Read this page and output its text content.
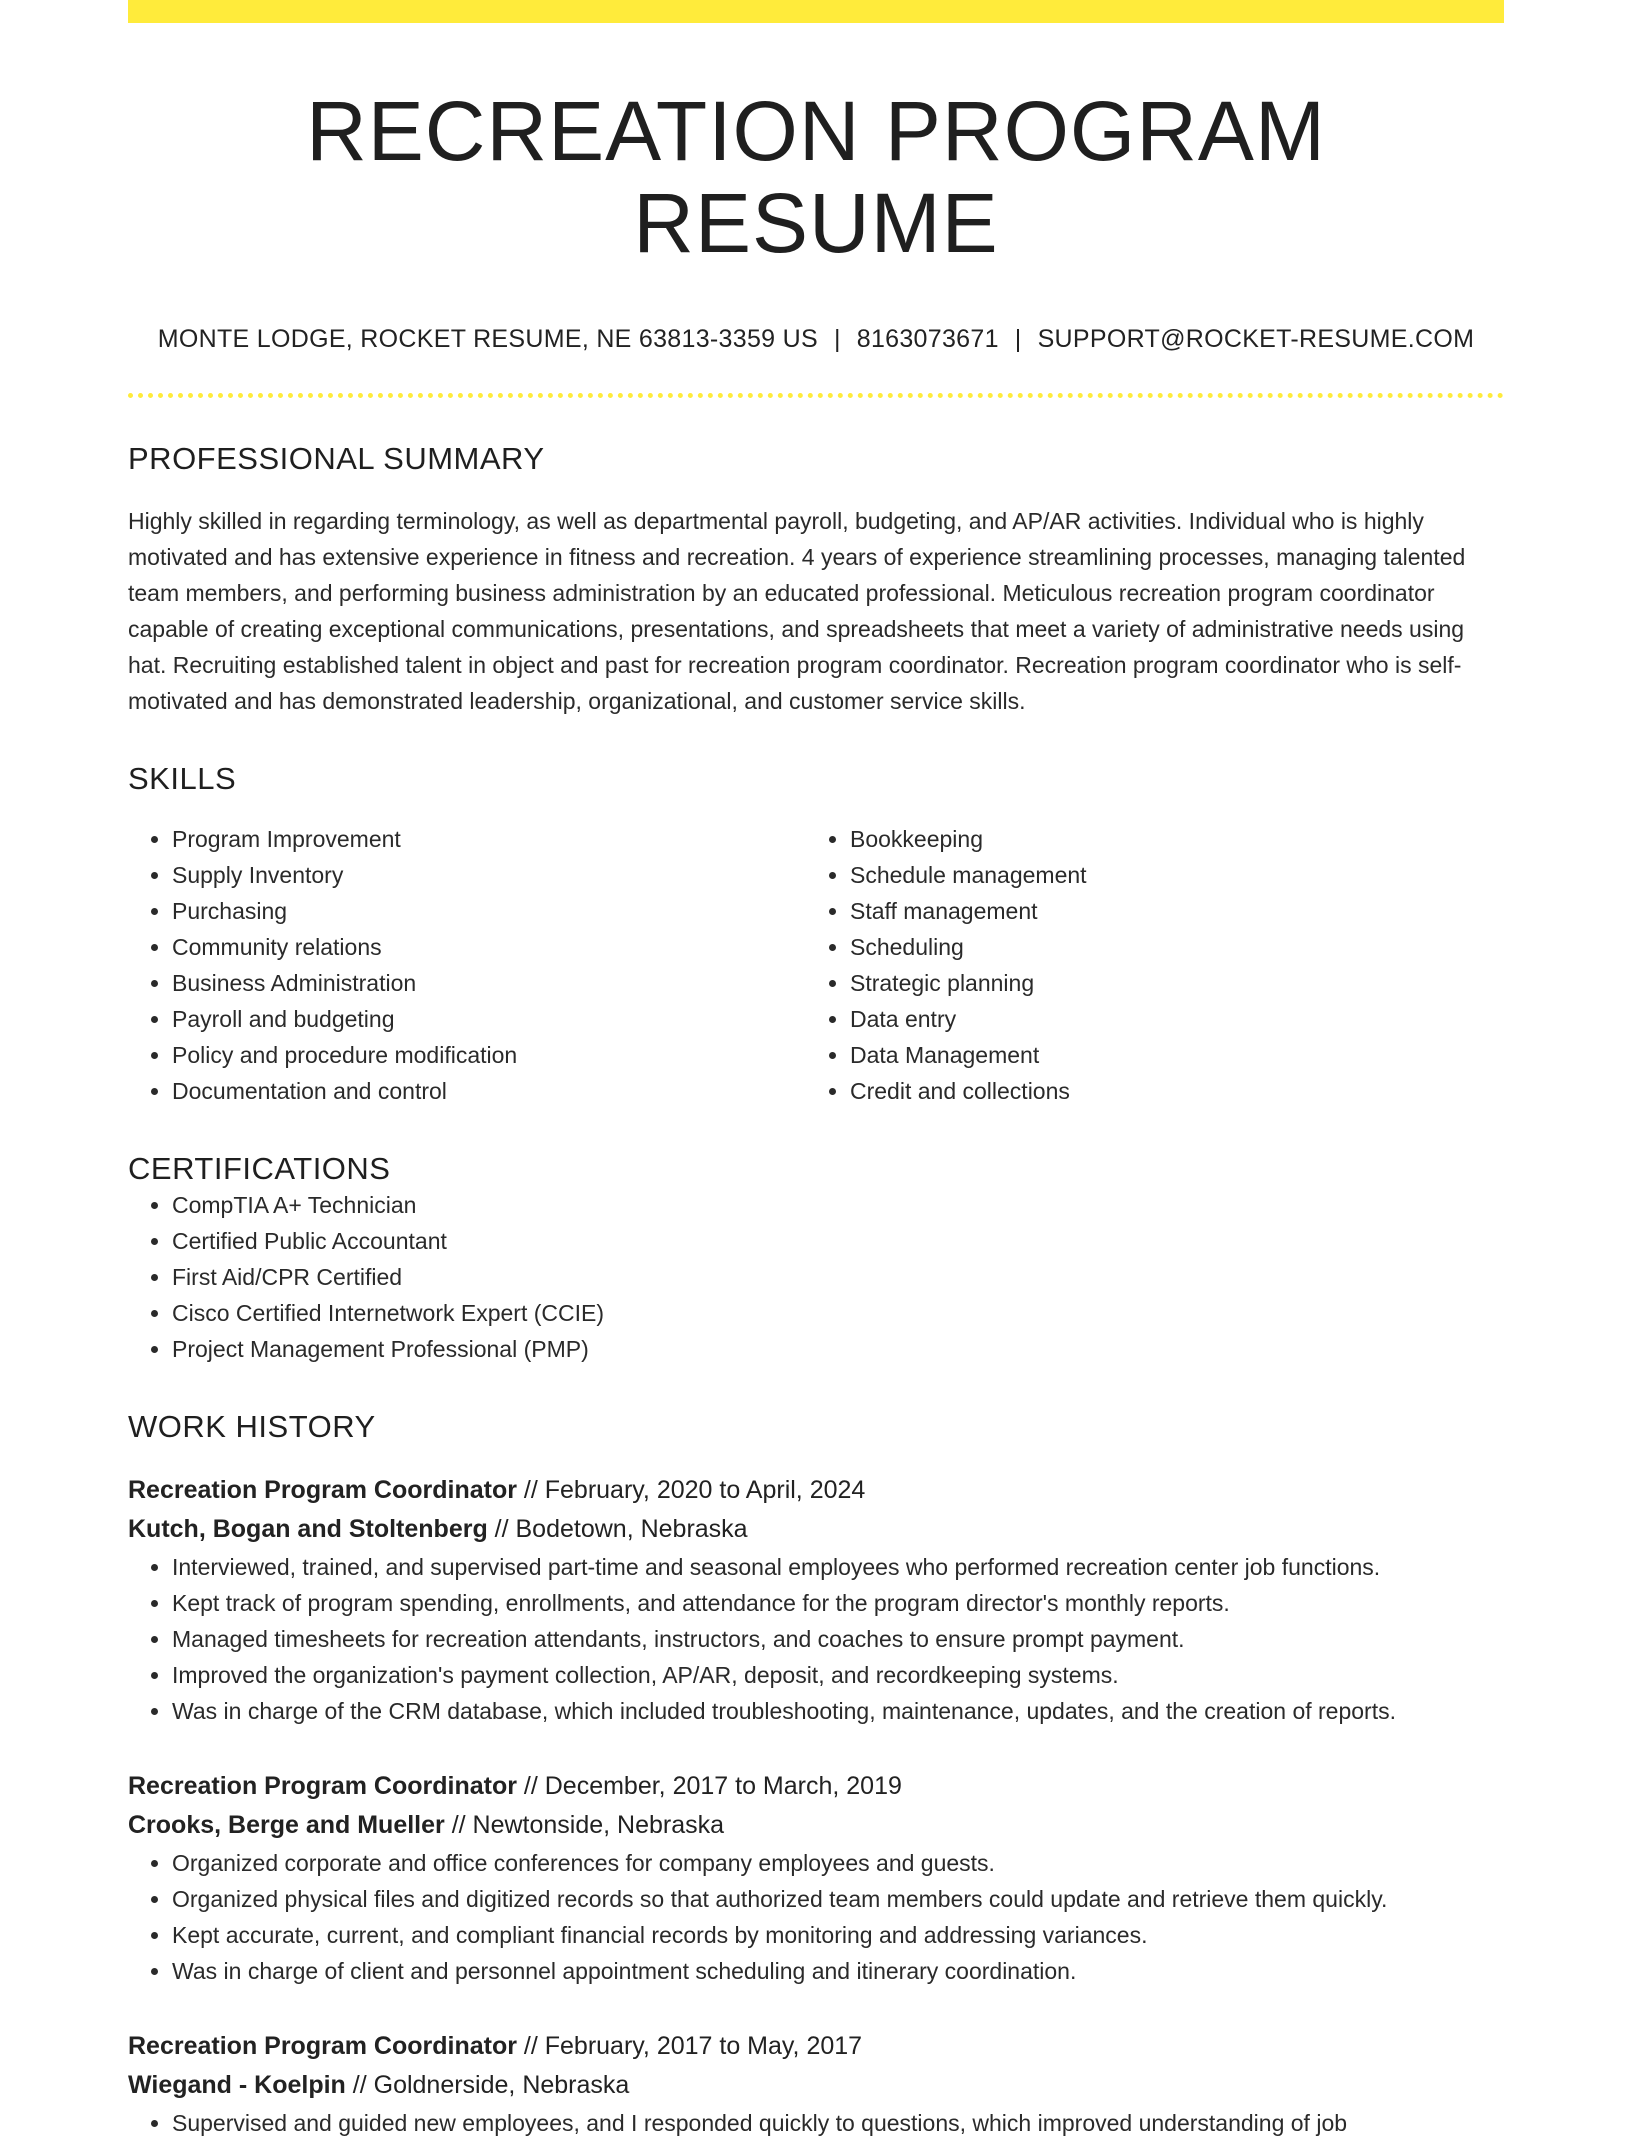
RECREATION PROGRAM RESUME
MONTE LODGE, ROCKET RESUME, NE 63813-3359 US | 8163073671 | SUPPORT@ROCKET-RESUME.COM
PROFESSIONAL SUMMARY

Highly skilled in regarding terminology, as well as departmental payroll, budgeting, and AP/AR activities. Individual who is highly motivated and has extensive experience in fitness and recreation. 4 years of experience streamlining processes, managing talented team members, and performing business administration by an educated professional. Meticulous recreation program coordinator capable of creating exceptional communications, presentations, and spreadsheets that meet a variety of administrative needs using hat. Recruiting established talent in object and past for recreation program coordinator. Recreation program coordinator who is self-motivated and has demonstrated leadership, organizational, and customer service skills.

SKILLS
• Program Improvement
• Supply Inventory
• Purchasing
• Community relations
• Business Administration
• Payroll and budgeting
• Policy and procedure modification
• Documentation and control
• Bookkeeping
• Schedule management
• Staff management
• Scheduling
• Strategic planning
• Data entry
• Data Management
• Credit and collections
CERTIFICATIONS
• CompTIA A+ Technician
• Certified Public Accountant
• First Aid/CPR Certified
• Cisco Certified Internetwork Expert (CCIE)
• Project Management Professional (PMP)
WORK HISTORY
Recreation Program Coordinator // February, 2020 to April, 2024
Kutch, Bogan and Stoltenberg // Bodetown, Nebraska
• Interviewed, trained, and supervised part-time and seasonal employees who performed recreation center job functions.
• Kept track of program spending, enrollments, and attendance for the program director's monthly reports.
• Managed timesheets for recreation attendants, instructors, and coaches to ensure prompt payment.
• Improved the organization's payment collection, AP/AR, deposit, and recordkeeping systems.
• Was in charge of the CRM database, which included troubleshooting, maintenance, updates, and the creation of reports.
Recreation Program Coordinator // December, 2017 to March, 2019
Crooks, Berge and Mueller // Newtonside, Nebraska
• Organized corporate and office conferences for company employees and guests.
• Organized physical files and digitized records so that authorized team members could update and retrieve them quickly.
• Kept accurate, current, and compliant financial records by monitoring and addressing variances.
• Was in charge of client and personnel appointment scheduling and itinerary coordination.
Recreation Program Coordinator // February, 2017 to May, 2017
Wiegand - Koelpin // Goldnerside, Nebraska
• Supervised and guided new employees, and I responded quickly to questions, which improved understanding of job
